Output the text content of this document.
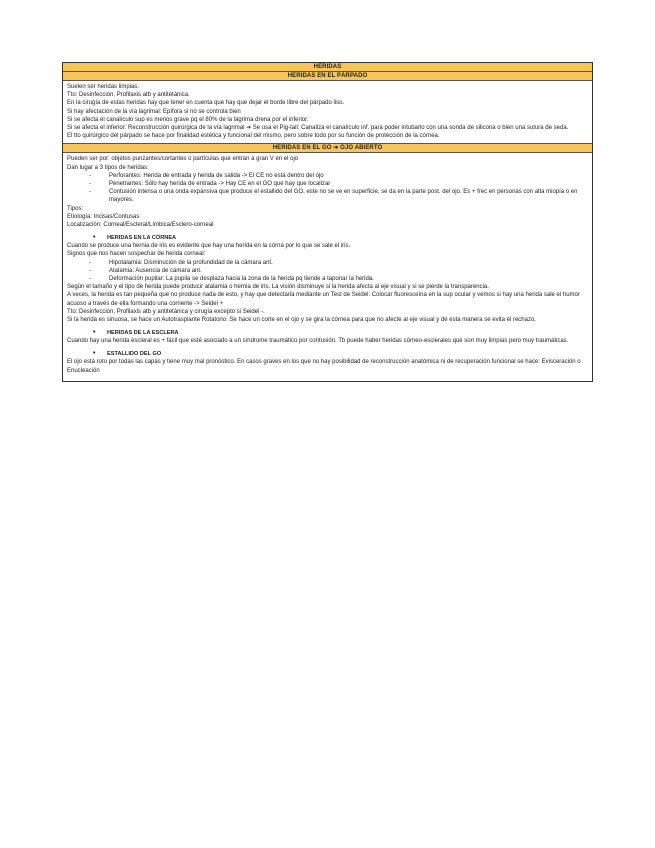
HERIDAS
HERIDAS EN EL PÁRPADO
Suelen ser heridas limpias.
Tto: Desinfección, Profilaxis atb y antitetánica.
En la cirugía de estas heridas hay que tener en cuenta que hay que dejar el borde libre del párpado liso.
Si hay afectación de la vía lagrimal: Epífora si no se controla bien
Si se afecta el canalículo sup es menos grave pq el 80% de la lágrima drena por el inferior.
Si se afecta el inferior: Reconstrucción quirúrgica de la vía lagrimal ➔ Se usa el Pig-tail: Canaliza el canalículo inf. para poder intubarlo con una sonda de silicona o bien una sutura de seda.
El tto quirúrgico del párpado se hace por finalidad estética y funcional del mismo, pero sobre todo por su función de protección de la córnea.
HERIDAS EN EL GO ➔ OJO ABIERTO
Pueden ser por: objetos punzantes/cortantes o partículas que entran a gran V en el ojo
Dan lugar a 3 tipos de heridas:
-	Perforantes: Herida de entrada y herida de salida -> El CE no está dentro del ojo
-	Penetrantes: Sólo hay herida de entrada -> Hay CE en el GO que hay que localizar
-	Contusión intensa o una onda expansiva que produce el estallido del GO, este no se ve en superficie, se da en la parte post. del ojo. Es + frec en personas con alta miopía o en mayores.
Tipos:
Etiología: Incisas/Contusas
Localización: Corneal/Escleral/Límbica/Esclero-corneal
•	HERIDAS EN LA CÓRNEA
Cuando se produce una hernia de iris es evidente que hay una herida en la córna por lo que se sale el iris.
Signos que nos hacen sospechar de herida corneal:
-	Hipotalamia: Disminución de la profundidad de la cámara ant.
-	Atalamia: Ausencia de cámara ant.
-	Deformación pupilar: La pupila se desplaza hacia la zona de la herida pq tiende a taponar la herida.
Según el tamaño y el tipo de herida puede producir atalamia o hernia de iris. La visión disminuye si la herida afecta al eje visual y si se pierde la transparencia.
A veces, la herida es tan pequeña que no produce nada de esto, y hay que detectarla mediante un Test de Seidel: Colocar fluoresceína en la sup ocular y vemos si hay una herida sale el humor acuoso a través de ella formando una corriente -> Seidel +
Tto: Desinfección, Profilaxis atb y antitetánica y cirugía excepto si Seidel -.
Si la herida es sinuosa, se hace un Autotrasplante Rotatorio: Se hace un corte en el ojo y se gira la córnea para que no afecte al eje visual y de esta manera se evita el rechazo.
•	HERIDAS DE LA ESCLERA
Cuando hay una herida escleral es + fácil que esté asociado a un síndrome traumático por contusión. Tb puede haber heridas córneo-esclerales que son muy limpias pero muy traumáticas.
•	ESTALLIDO DEL GO
El ojo está roto por todas las capas y tiene muy mal pronóstico. En casos graves en los que no hay posibilidad de reconstrucción anatómica ni de recuperación funcional se hace: Evisceración o Enucleación
